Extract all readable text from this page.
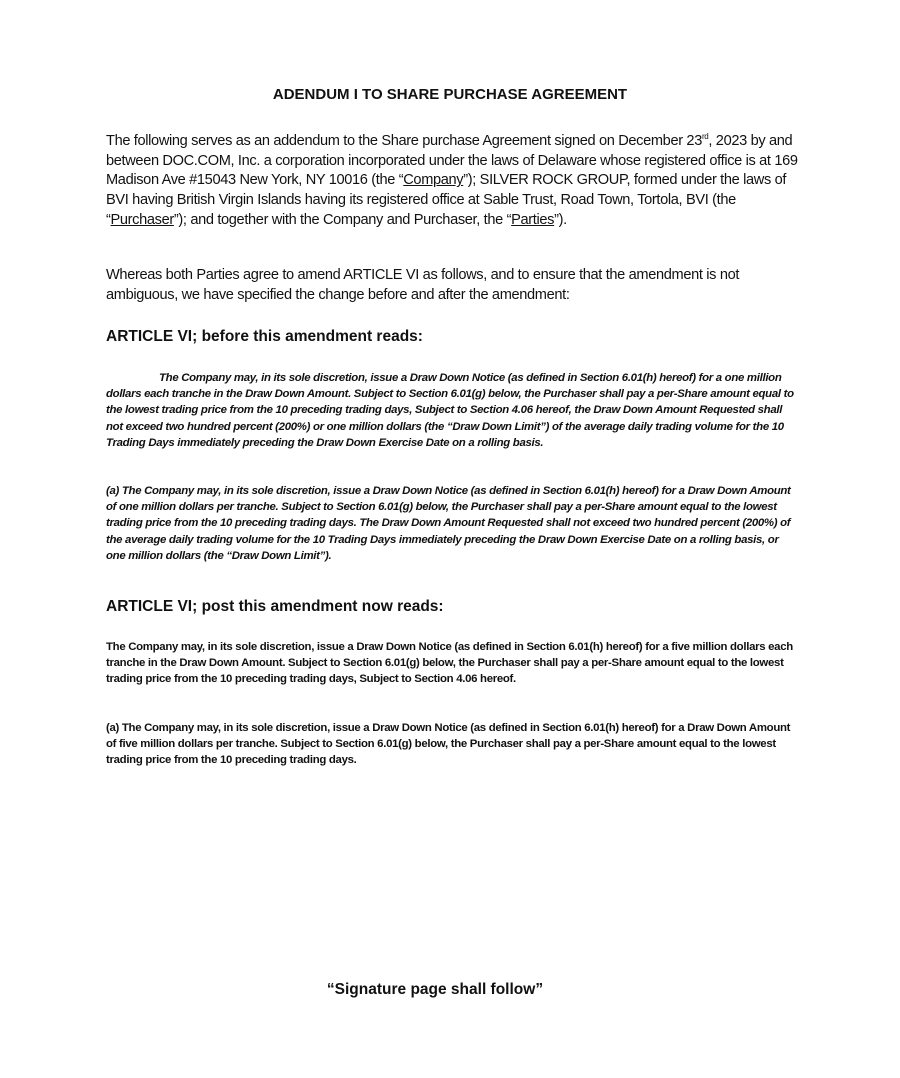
ADENDUM I TO SHARE PURCHASE AGREEMENT

The following serves as an addendum to the Share purchase Agreement signed on December 23rd, 2023 by and between DOC.COM, Inc. a corporation incorporated under the laws of Delaware whose registered office is at 169 Madison Ave #15043 New York, NY 10016 (the “Company”); SILVER ROCK GROUP, formed under the laws of BVI having British Virgin Islands having its registered office at Sable Trust, Road Town, Tortola, BVI (the “Purchaser”); and together with the Company and Purchaser, the “Parties”).

Whereas both Parties agree to amend ARTICLE VI as follows, and to ensure that the amendment is not ambiguous, we have specified the change before and after the amendment:

ARTICLE VI; before this amendment reads:

The Company may, in its sole discretion, issue a Draw Down Notice (as defined in Section 6.01(h) hereof) for a one million dollars each tranche in the Draw Down Amount. Subject to Section 6.01(g) below, the Purchaser shall pay a per-Share amount equal to the lowest trading price from the 10 preceding trading days, Subject to Section 4.06 hereof, the Draw Down Amount Requested shall not exceed two hundred percent (200%) or one million dollars (the “Draw Down Limit”) of the average daily trading volume for the 10 Trading Days immediately preceding the Draw Down Exercise Date on a rolling basis.

(a) The Company may, in its sole discretion, issue a Draw Down Notice (as defined in Section 6.01(h) hereof) for a Draw Down Amount of one million dollars per tranche. Subject to Section 6.01(g) below, the Purchaser shall pay a per-Share amount equal to the lowest trading price from the 10 preceding trading days. The Draw Down Amount Requested shall not exceed two hundred percent (200%) of the average daily trading volume for the 10 Trading Days immediately preceding the Draw Down Exercise Date on a rolling basis, or one million dollars (the “Draw Down Limit”).

ARTICLE VI; post this amendment now reads:

The Company may, in its sole discretion, issue a Draw Down Notice (as defined in Section 6.01(h) hereof) for a five million dollars each tranche in the Draw Down Amount. Subject to Section 6.01(g) below, the Purchaser shall pay a per-Share amount equal to the lowest trading price from the 10 preceding trading days, Subject to Section 4.06 hereof.

(a) The Company may, in its sole discretion, issue a Draw Down Notice (as defined in Section 6.01(h) hereof) for a Draw Down Amount of five million dollars per tranche. Subject to Section 6.01(g) below, the Purchaser shall pay a per-Share amount equal to the lowest trading price from the 10 preceding trading days.

“Signature page shall follow”
